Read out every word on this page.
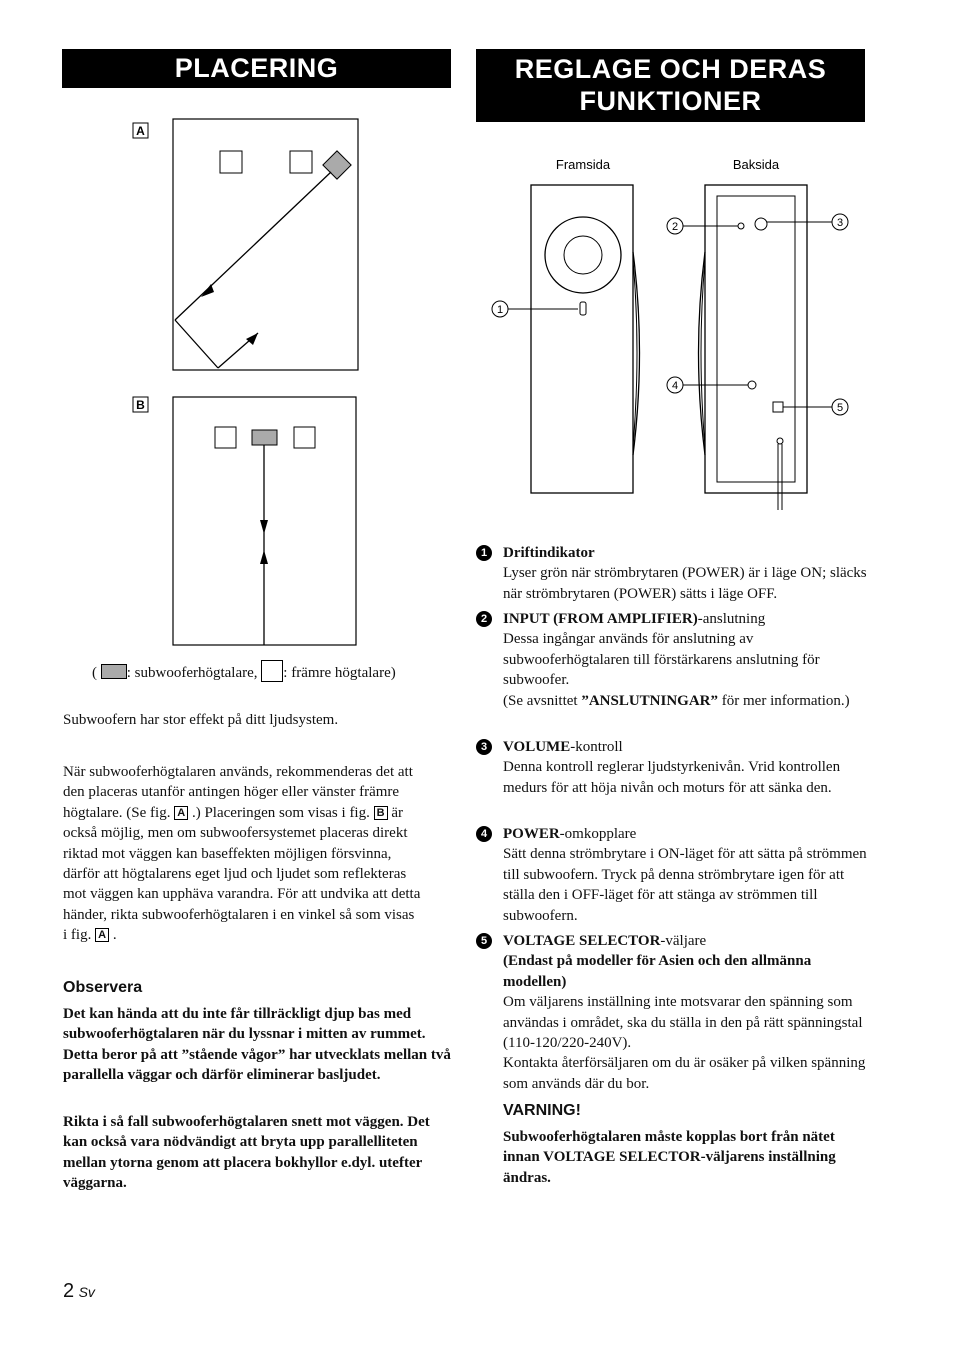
PLACERING	REGLAGE OCH DERAS
FUNKTIONER
A
B
Framsida	Baksida
1
2	3
4
5
( : subwooferhögtalare, : främre högtalare)
Subwoofern har stor effekt på ditt ljudsystem.
När subwooferhögtalaren används, rekommenderas det att
den placeras utanför antingen höger eller vänster främre
högtalare. (Se fig. A .) Placeringen som visas i fig. B är
också möjlig, men om subwoofersystemet placeras direkt
riktad mot väggen kan baseffekten möjligen försvinna,
därför att högtalarens eget ljud och ljudet som reflekteras
mot väggen kan upphäva varandra. För att undvika att detta
händer, rikta subwooferhögtalaren i en vinkel så som visas
i fig. A .
Observera
Det kan hända att du inte får tillräckligt djup bas med subwooferhögtalaren när du lyssnar i mitten av rummet. Detta beror på att ”stående vågor” har utvecklats mellan två parallella väggar och därför eliminerar basljudet.
Rikta i så fall subwooferhögtalaren snett mot väggen. Det kan också vara nödvändigt att bryta upp parallelliteten mellan ytorna genom att placera bokhyllor e.dyl. utefter väggarna.
1	Driftindikator
Lyser grön när strömbrytaren (POWER) är i läge ON; släcks när strömbrytaren (POWER) sätts i läge OFF.
2	INPUT (FROM AMPLIFIER)-anslutning
Dessa ingångar används för anslutning av subwooferhögtalaren till förstärkarens anslutning för subwoofer.
(Se avsnittet ”ANSLUTNINGAR” för mer information.)
3	VOLUME-kontroll
Denna kontroll reglerar ljudstyrkenivån. Vrid kontrollen medurs för att höja nivån och moturs för att sänka den.
4	POWER-omkopplare
Sätt denna strömbrytare i ON-läget för att sätta på strömmen till subwoofern. Tryck på denna strömbrytare igen för att ställa den i OFF-läget för att stänga av strömmen till subwoofern.
5	VOLTAGE SELECTOR-väljare
(Endast på modeller för Asien och den allmänna modellen)
Om väljarens inställning inte motsvarar den spänning som användas i området, ska du ställa in den på rätt spänningstal (110-120/220-240V).
Kontakta återförsäljaren om du är osäker på vilken spänning som används där du bor.
VARNING!
Subwooferhögtalaren måste kopplas bort från nätet innan VOLTAGE SELECTOR-väljarens inställning ändras.
2 Sv
